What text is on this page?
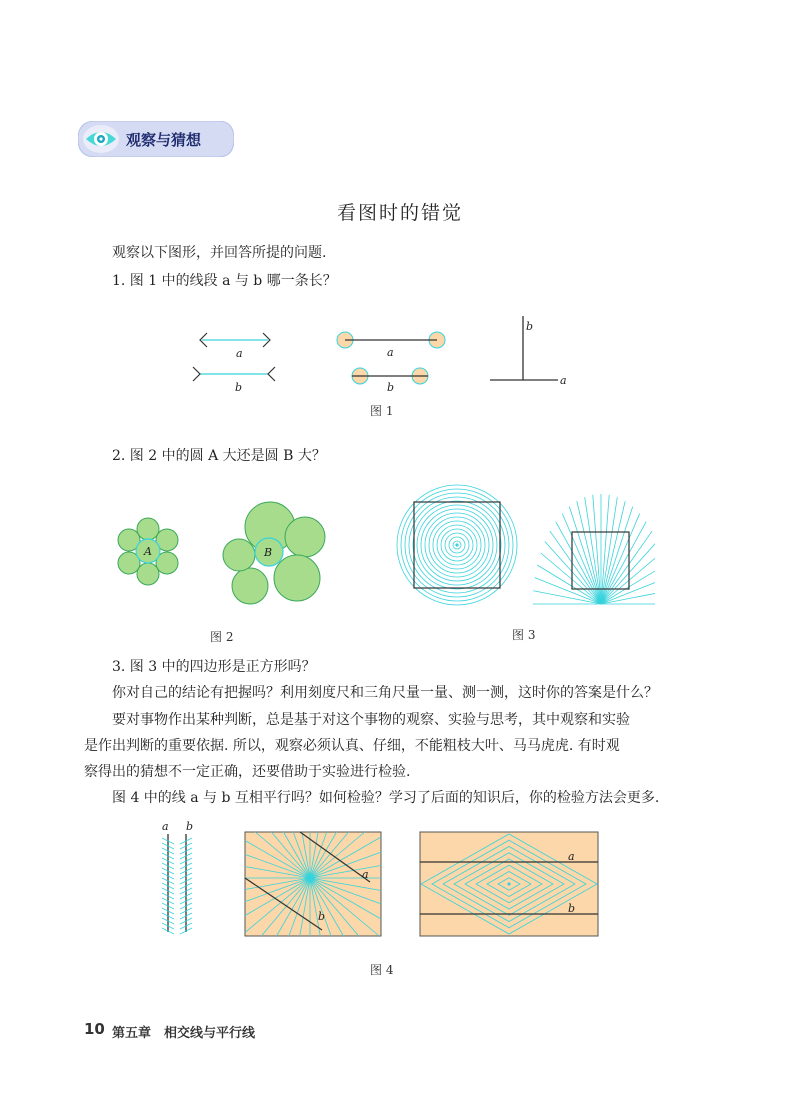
观察与猜想
看图时的错觉
观察以下图形，并回答所提的问题.
1. 图 1 中的线段 a 与 b 哪一条长？
a
b
a
b
b
a
图 1
2. 图 2 中的圆 A 大还是圆 B 大？
A	B
图 2	图 3
3. 图 3 中的四边形是正方形吗？
你对自己的结论有把握吗？利用刻度尺和三角尺量一量、测一测，这时你的答案是什么？
要对事物作出某种判断，总是基于对这个事物的观察、实验与思考，其中观察和实验
是作出判断的重要依据. 所以，观察必须认真、仔细，不能粗枝大叶、马马虎虎. 有时观
察得出的猜想不一定正确，还要借助于实验进行检验.
图 4 中的线 a 与 b 互相平行吗？如何检验？学习了后面的知识后，你的检验方法会更多.
a b
a
b
a
b
图 4
10 第五章　相交线与平行线
